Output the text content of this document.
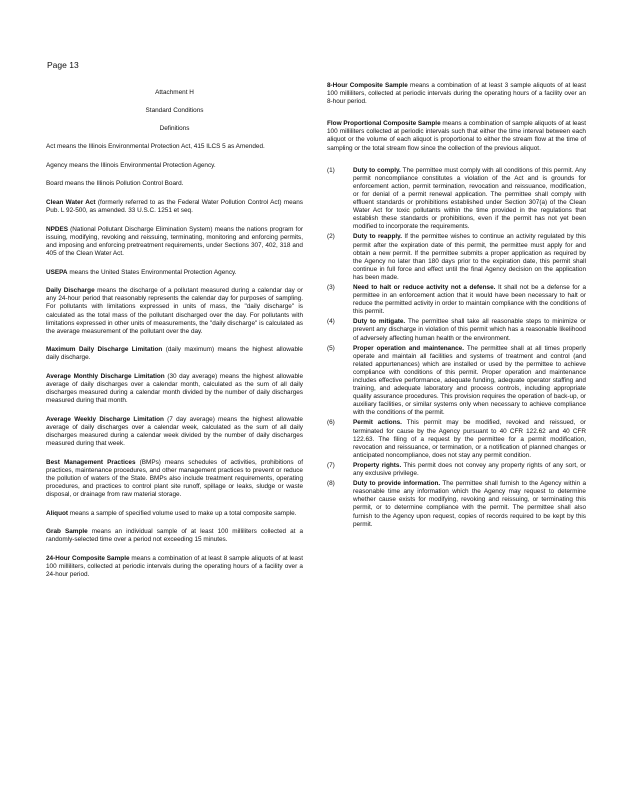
Page 13

Attachment H

Standard Conditions

Definitions

Act means the Illinois Environmental Protection Act, 415 ILCS 5 as Amended.

Agency means the Illinois Environmental Protection Agency.

Board means the Illinois Pollution Control Board.

Clean Water Act (formerly referred to as the Federal Water Pollution Control Act) means Pub. L 92-500, as amended. 33 U.S.C. 1251 et seq.

NPDES (National Pollutant Discharge Elimination System) means the nations program for issuing, modifying, revoking and reissuing, terminating, monitoring and enforcing permits, and imposing and enforcing pretreatment requirements, under Sections 307, 402, 318 and 405 of the Clean Water Act.

USEPA means the United States Environmental Protection Agency.

Daily Discharge means the discharge of a pollutant measured during a calendar day or any 24-hour period that reasonably represents the calendar day for purposes of sampling. For pollutants with limitations expressed in units of mass, the "daily discharge" is calculated as the total mass of the pollutant discharged over the day. For pollutants with limitations expressed in other units of measurements, the "daily discharge" is calculated as the average measurement of the pollutant over the day.

Maximum Daily Discharge Limitation (daily maximum) means the highest allowable daily discharge.

Average Monthly Discharge Limitation (30 day average) means the highest allowable average of daily discharges over a calendar month, calculated as the sum of all daily discharges measured during a calendar month divided by the number of daily discharges measured during that month.

Average Weekly Discharge Limitation (7 day average) means the highest allowable average of daily discharges over a calendar week, calculated as the sum of all daily discharges measured during a calendar week divided by the number of daily discharges measured during that week.

Best Management Practices (BMPs) means schedules of activities, prohibitions of practices, maintenance procedures, and other management practices to prevent or reduce the pollution of waters of the State. BMPs also include treatment requirements, operating procedures, and practices to control plant site runoff, spillage or leaks, sludge or waste disposal, or drainage from raw material storage.

Aliquot means a sample of specified volume used to make up a total composite sample.

Grab Sample means an individual sample of at least 100 milliliters collected at a randomly-selected time over a period not exceeding 15 minutes.

24-Hour Composite Sample means a combination of at least 8 sample aliquots of at least 100 milliliters, collected at periodic intervals during the operating hours of a facility over a 24-hour period.

8-Hour Composite Sample means a combination of at least 3 sample aliquots of at least 100 milliliters, collected at periodic intervals during the operating hours of a facility over an 8-hour period.

Flow Proportional Composite Sample means a combination of sample aliquots of at least 100 milliliters collected at periodic intervals such that either the time interval between each aliquot or the volume of each aliquot is proportional to either the stream flow at the time of sampling or the total stream flow since the collection of the previous aliquot.

(1)	Duty to comply. The permittee must comply with all conditions of this permit. Any permit noncompliance constitutes a violation of the Act and is grounds for enforcement action, permit termination, revocation and reissuance, modification, or for denial of a permit renewal application. The permittee shall comply with effluent standards or prohibitions established under Section 307(a) of the Clean Water Act for toxic pollutants within the time provided in the regulations that establish these standards or prohibitions, even if the permit has not yet been modified to incorporate the requirements.
(2)	Duty to reapply. If the permittee wishes to continue an activity regulated by this permit after the expiration date of this permit, the permittee must apply for and obtain a new permit. If the permittee submits a proper application as required by the Agency no later than 180 days prior to the expiration date, this permit shall continue in full force and effect until the final Agency decision on the application has been made.
(3)	Need to halt or reduce activity not a defense. It shall not be a defense for a permittee in an enforcement action that it would have been necessary to halt or reduce the permitted activity in order to maintain compliance with the conditions of this permit.
(4)	Duty to mitigate. The permittee shall take all reasonable steps to minimize or prevent any discharge in violation of this permit which has a reasonable likelihood of adversely affecting human health or the environment.
(5)	Proper operation and maintenance. The permittee shall at all times properly operate and maintain all facilities and systems of treatment and control (and related appurtenances) which are installed or used by the permittee to achieve compliance with conditions of this permit. Proper operation and maintenance includes effective performance, adequate funding, adequate operator staffing and training, and adequate laboratory and process controls, including appropriate quality assurance procedures. This provision requires the operation of back-up, or auxiliary facilities, or similar systems only when necessary to achieve compliance with the conditions of the permit.
(6)	Permit actions. This permit may be modified, revoked and reissued, or terminated for cause by the Agency pursuant to 40 CFR 122.62 and 40 CFR 122.63. The filing of a request by the permittee for a permit modification, revocation and reissuance, or termination, or a notification of planned changes or anticipated noncompliance, does not stay any permit condition.
(7)	Property rights. This permit does not convey any property rights of any sort, or any exclusive privilege.
(8)	Duty to provide information. The permittee shall furnish to the Agency within a reasonable time any information which the Agency may request to determine whether cause exists for modifying, revoking and reissuing, or terminating this permit, or to determine compliance with the permit. The permittee shall also furnish to the Agency upon request, copies of records required to be kept by this permit.
